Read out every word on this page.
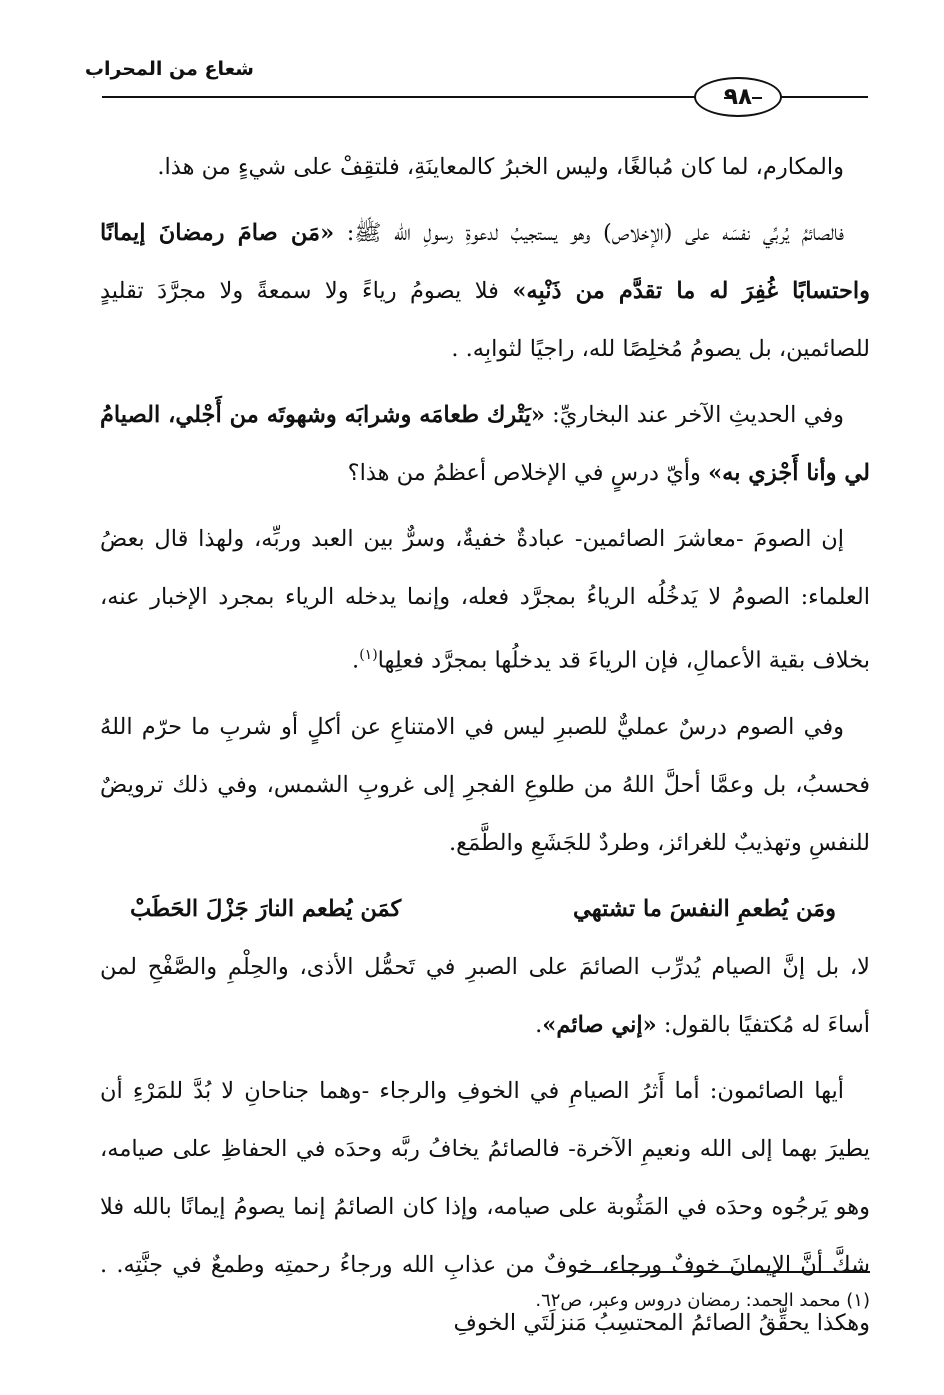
شعاع من المحراب
٩٨

والمكارم، لما كان مُبالغًا، وليس الخبرُ كالمعاينَةِ، فلتقِفْ على شيءٍ من هذا.

فالصائمُ يُربِّي نفسَه على (الإخلاص) وهو يستجيبُ لدعوةِ رسولِ الله ﷺ: «مَن صامَ رمضانَ إيمانًا واحتسابًا غُفِرَ له ما تقدَّم من ذَنْبِه» فلا يصومُ رياءً ولا سمعةً ولا مجرَّدَ تقليدٍ للصائمين، بل يصومُ مُخلِصًا لله، راجيًا لثوابِه. .

وفي الحديثِ الآخر عند البخاريِّ: «يَتْرك طعامَه وشرابَه وشهوتَه من أَجْلي، الصيامُ لي وأنا أَجْزي به» وأيّ درسٍ في الإخلاص أعظمُ من هذا؟

إن الصومَ -معاشرَ الصائمين- عبادةٌ خفيةٌ، وسرٌّ بين العبد وربِّه، ولهذا قال بعضُ العلماء: الصومُ لا يَدخُلُه الرياءُ بمجرَّد فعله، وإنما يدخله الرياء بمجرد الإخبار عنه، بخلاف بقية الأعمالِ، فإن الرياءَ قد يدخلُها بمجرَّد فعلِها$^{(١)}$.

وفي الصوم درسٌ عمليٌّ للصبرِ ليس في الامتناعِ عن أكلٍ أو شربِ ما حرّم اللهُ فحسبُ، بل وعمَّا أحلَّ اللهُ من طلوعِ الفجرِ إلى غروبِ الشمس، وفي ذلك ترويضٌ للنفسِ وتهذيبٌ للغرائز، وطردٌ للجَشَعِ والطَّمَع.

ومَن يُطعمِ النفسَ ما تشتهي
كمَن يُطعم النارَ جَزْلَ الحَطَبْ

لا، بل إنَّ الصيام يُدرِّب الصائمَ على الصبرِ في تَحمُّل الأذى، والحِلْمِ والصَّفْحِ لمن أساءَ له مُكتفيًا بالقول: «إني صائم».

أيها الصائمون: أما أَثرُ الصيامِ في الخوفِ والرجاء -وهما جناحانِ لا بُدَّ للمَرْءِ أن يطيرَ بهما إلى الله ونعيمِ الآخرة- فالصائمُ يخافُ ربَّه وحدَه في الحفاظِ على صيامه، وهو يَرجُوه وحدَه في المَثُوبة على صيامه، وإذا كان الصائمُ إنما يصومُ إيمانًا بالله فلا شكَّ أنَّ الإيمانَ خوفٌ ورجاء، خوفٌ من عذابِ الله ورجاءُ رحمتِه وطمعٌ في جنَّتِه. . وهكذا يحقِّقُ الصائمُ المحتسِبُ مَنزلَتَي الخوفِ

(١) محمد الحمد: رمضان دروس وعبر، ص٦٢.
